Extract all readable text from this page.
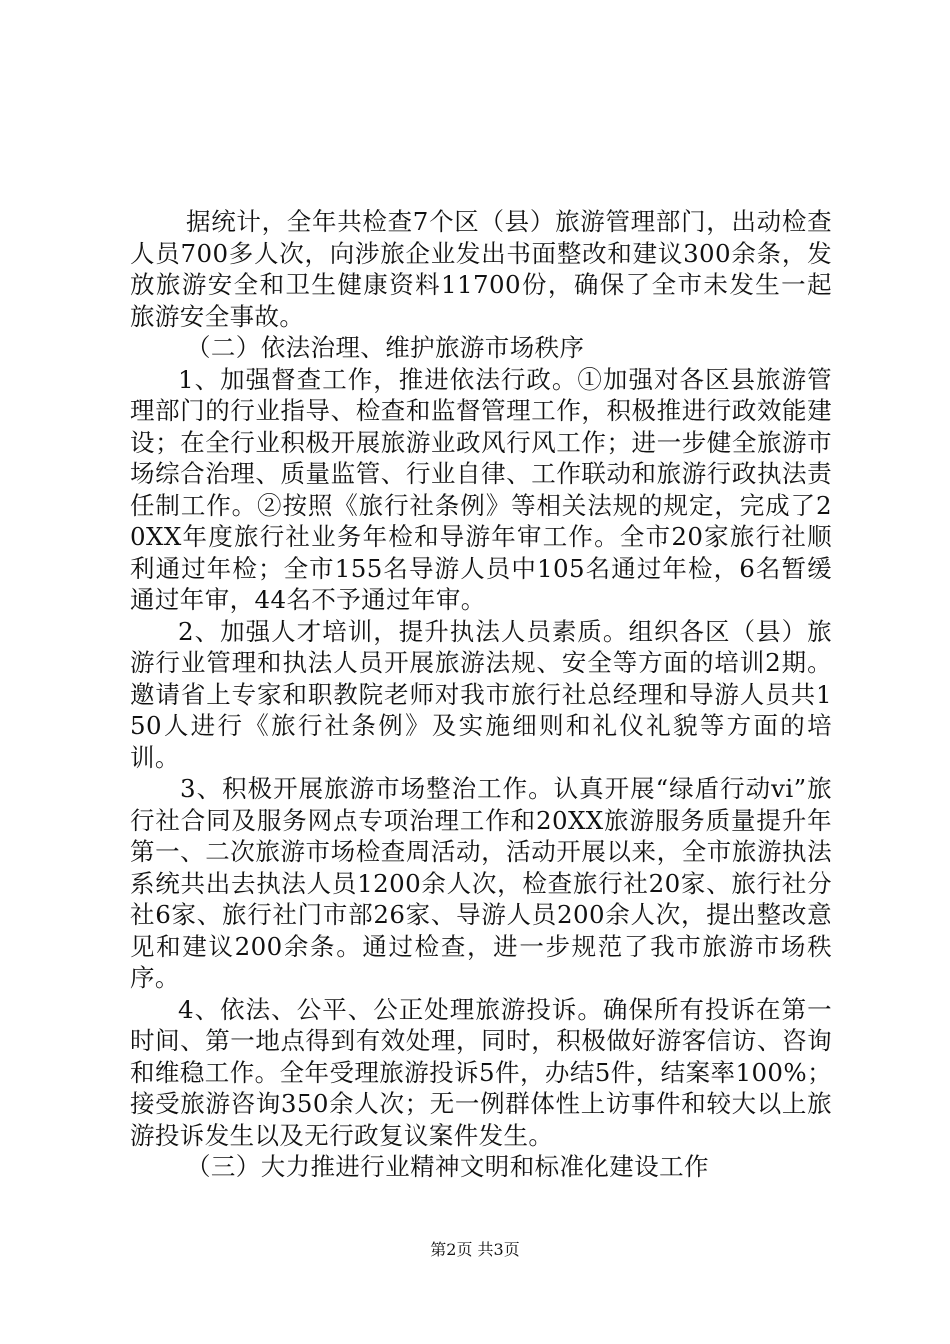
据统计，全年共检查7个区（县）旅游管理部门，出动检查人员700多人次，向涉旅企业发出书面整改和建议300余条，发放旅游安全和卫生健康资料11700份，确保了全市未发生一起旅游安全事故。

（二）依法治理、维护旅游市场秩序

1、加强督查工作，推进依法行政。①加强对各区县旅游管理部门的行业指导、检查和监督管理工作，积极推进行政效能建设；在全行业积极开展旅游业政风行风工作；进一步健全旅游市场综合治理、质量监管、行业自律、工作联动和旅游行政执法责任制工作。②按照《旅行社条例》等相关法规的规定，完成了20XX年度旅行社业务年检和导游年审工作。全市20家旅行社顺利通过年检；全市155名导游人员中105名通过年检，6名暂缓通过年审，44名不予通过年审。

2、加强人才培训，提升执法人员素质。组织各区（县）旅游行业管理和执法人员开展旅游法规、安全等方面的培训2期。邀请省上专家和职教院老师对我市旅行社总经理和导游人员共150人进行《旅行社条例》及实施细则和礼仪礼貌等方面的培训。

3、积极开展旅游市场整治工作。认真开展“绿盾行动vi”旅行社合同及服务网点专项治理工作和20XX旅游服务质量提升年第一、二次旅游市场检查周活动，活动开展以来，全市旅游执法系统共出去执法人员1200余人次，检查旅行社20家、旅行社分社6家、旅行社门市部26家、导游人员200余人次，提出整改意见和建议200余条。通过检查，进一步规范了我市旅游市场秩序。

4、依法、公平、公正处理旅游投诉。确保所有投诉在第一时间、第一地点得到有效处理，同时，积极做好游客信访、咨询和维稳工作。全年受理旅游投诉5件，办结5件，结案率100%；接受旅游咨询350余人次；无一例群体性上访事件和较大以上旅游投诉发生以及无行政复议案件发生。

（三）大力推进行业精神文明和标准化建设工作

第2页 共3页
